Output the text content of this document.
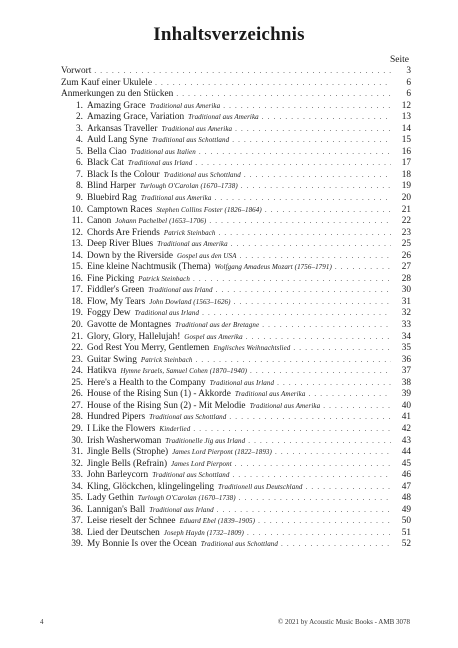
Inhaltsverzeichnis
Seite
Vorwort . . .	3
Zum Kauf einer Ukulele . . .	6
Anmerkungen zu den Stücken . . .	6
1. Amazing Grace Traditional aus Amerika . . .	12
2. Amazing Grace, Variation Traditional aus Amerika . . .	13
3. Arkansas Traveller Traditional aus Amerika . . .	14
4. Auld Lang Syne Traditional aus Schottland . . .	15
5. Bella Ciao Traditional aus Italien . . .	16
6. Black Cat Traditional aus Irland . . .	17
7. Black Is the Colour Traditional aus Schottland . . .	18
8. Blind Harper Turlough O'Carolan (1670–1738) . . .	19
9. Bluebird Rag Traditional aus Amerika . . .	20
10. Camptown Races Stephen Collins Foster (1826–1864) . . .	21
11. Canon Johann Pachelbel (1653–1706) . . .	22
12. Chords Are Friends Patrick Steinbach . . .	23
13. Deep River Blues Traditional aus Amerika . . .	25
14. Down by the Riverside Gospel aus den USA . . .	26
15. Eine kleine Nachtmusik (Thema) Wolfgang Amadeus Mozart (1756–1791) . . .	27
16. Fine Picking Patrick Steinbach . . .	28
17. Fiddler's Green Traditional aus Irland . . .	30
18. Flow, My Tears John Dowland (1563–1626) . . .	31
19. Foggy Dew Traditional aus Irland . . .	32
20. Gavotte de Montagnes Traditional aus der Bretagne . . .	33
21. Glory, Glory, Hallelujah! Gospel aus Amerika . . .	34
22. God Rest You Merry, Gentlemen Englisches Weihnachtslied . . .	35
23. Guitar Swing Patrick Steinbach . . .	36
24. Hatikva Hymne Israels, Samuel Cohen (1870–1940) . . .	37
25. Here's a Health to the Company Traditional aus Irland . . .	38
26. House of the Rising Sun (1) - Akkorde Traditional aus Amerika . . .	39
27. House of the Rising Sun (2) - Mit Melodie Traditional aus Amerika . . .	40
28. Hundred Pipers Traditional aus Schottland . . .	41
29. I Like the Flowers Kinderlied . . .	42
30. Irish Washerwoman Traditionelle Jig aus Irland . . .	43
31. Jingle Bells (Strophe) James Lord Pierpont (1822–1893) . . .	44
32. Jingle Bells (Refrain) James Lord Pierpont . . .	45
33. John Barleycorn Traditional aus Schottland . . .	46
34. Kling, Glöckchen, klingelingeling Traditionell aus Deutschland . . .	47
35. Lady Gethin Turlough O'Carolan (1670–1738) . . .	48
36. Lannigan's Ball Traditional aus Irland . . .	49
37. Leise rieselt der Schnee Eduard Ebel (1839–1905) . . .	50
38. Lied der Deutschen Joseph Haydn (1732–1809) . . .	51
39. My Bonnie Is over the Ocean Traditional aus Schottland . . .	52
4	© 2021 by Acoustic Music Books - AMB 3078
